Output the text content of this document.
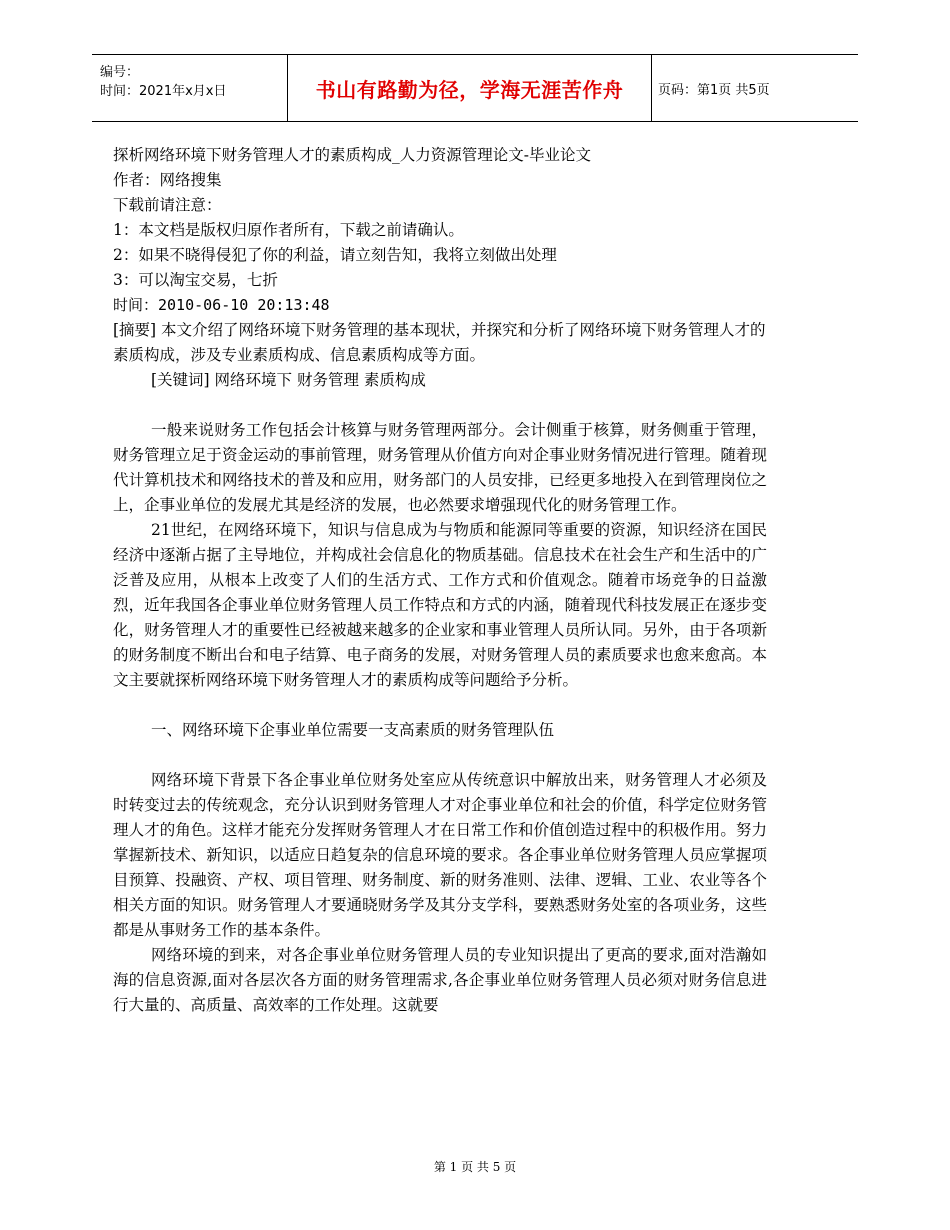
编号：
时间：2021年x月x日	书山有路勤为径，学海无涯苦作舟	页码：第1页 共5页

探析网络环境下财务管理人才的素质构成_人力资源管理论文-毕业论文

作者：网络搜集

下载前请注意：

1：本文档是版权归原作者所有，下载之前请确认。

2：如果不晓得侵犯了你的利益，请立刻告知，我将立刻做出处理

3：可以淘宝交易，七折

时间：2010-06-10 20:13:48

[摘要] 本文介绍了网络环境下财务管理的基本现状，并探究和分析了网络环境下财务管理人才的素质构成，涉及专业素质构成、信息素质构成等方面。

[关键词] 网络环境下 财务管理 素质构成

一般来说财务工作包括会计核算与财务管理两部分。会计侧重于核算，财务侧重于管理，财务管理立足于资金运动的事前管理，财务管理从价值方向对企事业财务情况进行管理。随着现代计算机技术和网络技术的普及和应用，财务部门的人员安排，已经更多地投入在到管理岗位之上，企事业单位的发展尤其是经济的发展，也必然要求增强现代化的财务管理工作。

21世纪，在网络环境下，知识与信息成为与物质和能源同等重要的资源，知识经济在国民经济中逐渐占据了主导地位，并构成社会信息化的物质基础。信息技术在社会生产和生活中的广泛普及应用，从根本上改变了人们的生活方式、工作方式和价值观念。随着市场竞争的日益激烈，近年我国各企事业单位财务管理人员工作特点和方式的内涵，随着现代科技发展正在逐步变化，财务管理人才的重要性已经被越来越多的企业家和事业管理人员所认同。另外，由于各项新的财务制度不断出台和电子结算、电子商务的发展，对财务管理人员的素质要求也愈来愈高。本文主要就探析网络环境下财务管理人才的素质构成等问题给予分析。

一、网络环境下企事业单位需要一支高素质的财务管理队伍

网络环境下背景下各企事业单位财务处室应从传统意识中解放出来，财务管理人才必须及时转变过去的传统观念，充分认识到财务管理人才对企事业单位和社会的价值，科学定位财务管理人才的角色。这样才能充分发挥财务管理人才在日常工作和价值创造过程中的积极作用。努力掌握新技术、新知识，以适应日趋复杂的信息环境的要求。各企事业单位财务管理人员应掌握项目预算、投融资、产权、项目管理、财务制度、新的财务准则、法律、逻辑、工业、农业等各个相关方面的知识。财务管理人才要通晓财务学及其分支学科，要熟悉财务处室的各项业务，这些都是从事财务工作的基本条件。

网络环境的到来，对各企事业单位财务管理人员的专业知识提出了更高的要求,面对浩瀚如海的信息资源,面对各层次各方面的财务管理需求,各企事业单位财务管理人员必须对财务信息进行大量的、高质量、高效率的工作处理。这就要

第 1 页 共 5 页
